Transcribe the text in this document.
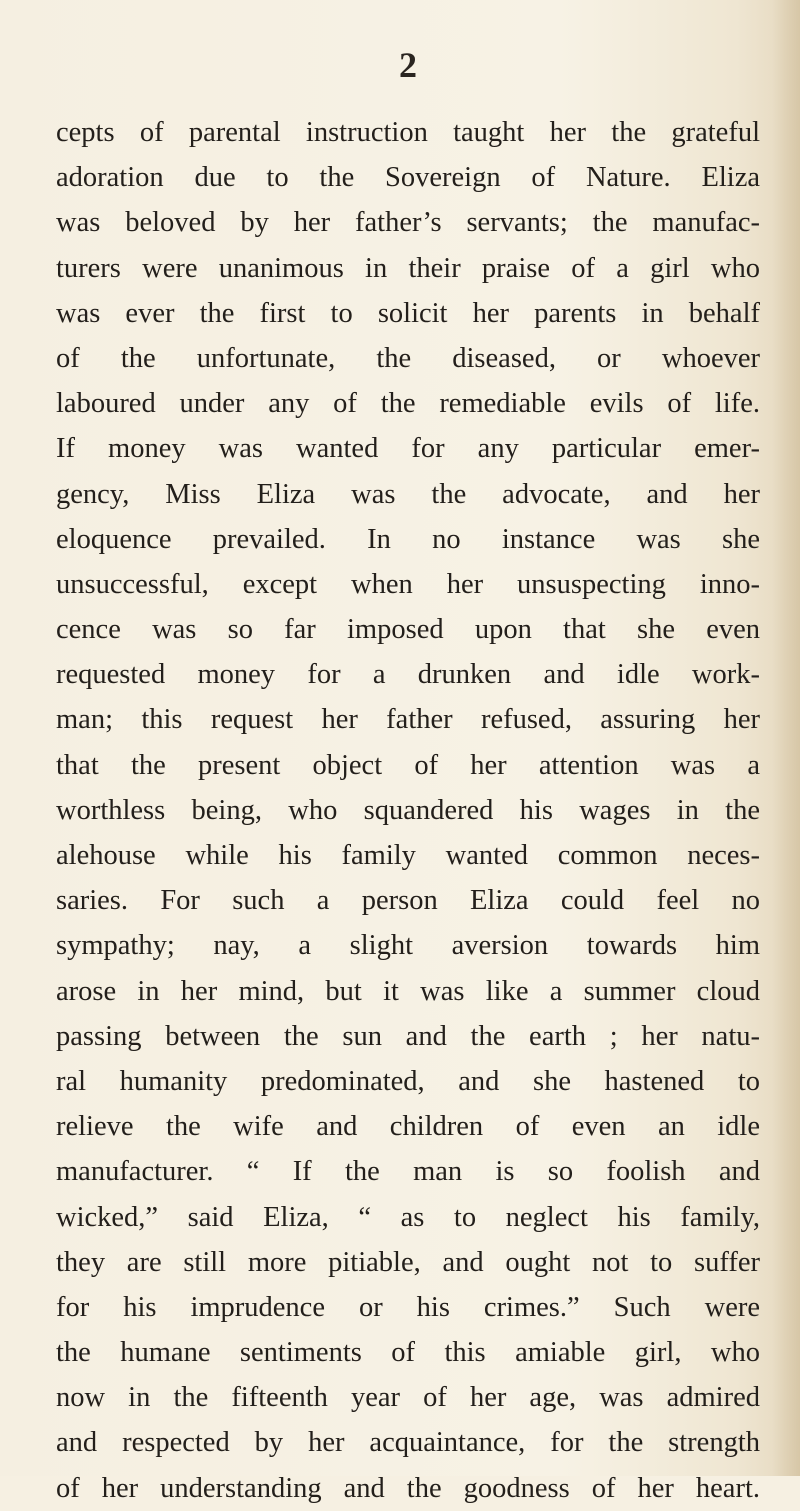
2
cepts of parental instruction taught her the grateful
adoration due to the Sovereign of Nature. Eliza
was beloved by her father’s servants; the manufac-
turers were unanimous in their praise of a girl who
was ever the first to solicit her parents in behalf
of the unfortunate, the diseased, or whoever
laboured under any of the remediable evils of life.
If money was wanted for any particular emer-
gency, Miss Eliza was the advocate, and her
eloquence prevailed. In no instance was she
unsuccessful, except when her unsuspecting inno-
cence was so far imposed upon that she even
requested money for a drunken and idle work-
man; this request her father refused, assuring her
that the present object of her attention was a
worthless being, who squandered his wages in the
alehouse while his family wanted common neces-
saries. For such a person Eliza could feel no
sympathy; nay, a slight aversion towards him
arose in her mind, but it was like a summer cloud
passing between the sun and the earth ; her natu-
ral humanity predominated, and she hastened to
relieve the wife and children of even an idle
manufacturer. “ If the man is so foolish and
wicked,” said Eliza, “ as to neglect his family,
they are still more pitiable, and ought not to suffer
for his imprudence or his crimes.” Such were
the humane sentiments of this amiable girl, who
now in the fifteenth year of her age, was admired
and respected by her acquaintance, for the strength
of her understanding and the goodness of her heart.
